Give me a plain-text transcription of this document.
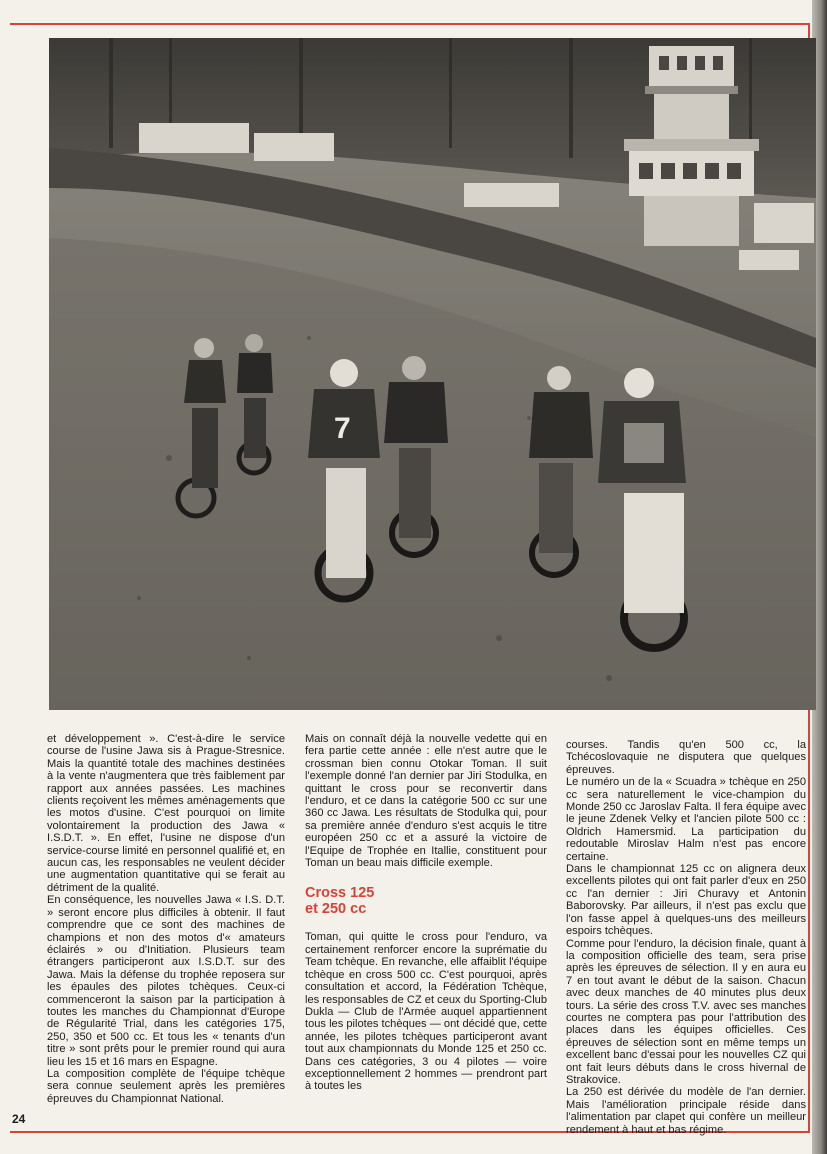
7

et développement ». C'est-à-dire le service course de l'usine Jawa sis à Prague-Stresnice. Mais la quantité totale des machines destinées à la vente n'augmentera que très faiblement par rapport aux années passées. Les machines clients reçoivent les mêmes aménagements que les motos d'usine. C'est pourquoi on limite volontairement la production des Jawa « I.S.D.T. ». En effet, l'usine ne dispose d'un service-course limité en personnel qualifié et, en aucun cas, les responsables ne veulent décider une augmentation quantitative qui se ferait au détriment de la qualité.

En conséquence, les nouvelles Jawa « I.S. D.T. » seront encore plus difficiles à obtenir. Il faut comprendre que ce sont des machines de champions et non des motos d'« amateurs éclairés » ou d'Initiation. Plusieurs team étrangers participeront aux I.S.D.T. sur des Jawa. Mais la défense du trophée reposera sur les épaules des pilotes tchèques. Ceux-ci commenceront la saison par la participation à toutes les manches du Championnat d'Europe de Régularité Trial, dans les catégories 175, 250, 350 et 500 cc. Et tous les « tenants d'un titre » sont prêts pour le premier round qui aura lieu les 15 et 16 mars en Espagne.

La composition complète de l'équipe tchèque sera connue seulement après les premières épreuves du Championnat National.

Mais on connaît déjà la nouvelle vedette qui en fera partie cette année : elle n'est autre que le crossman bien connu Otokar Toman. Il suit l'exemple donné l'an dernier par Jiri Stodulka, en quittant le cross pour se reconvertir dans l'enduro, et ce dans la catégorie 500 cc sur une 360 cc Jawa. Les résultats de Stodulka qui, pour sa première année d'enduro s'est acquis le titre européen 250 cc et a assuré la victoire de l'Equipe de Trophée en Itallie, constituent pour Toman un beau mais difficile exemple.

Cross 125
et 250 cc

Toman, qui quitte le cross pour l'enduro, va certainement renforcer encore la suprématie du Team tchèque. En revanche, elle affaiblit l'équipe tchèque en cross 500 cc. C'est pourquoi, après consultation et accord, la Fédération Tchèque, les responsables de CZ et ceux du Sporting-Club Dukla — Club de l'Armée auquel appartiennent tous les pilotes tchèques — ont décidé que, cette année, les pilotes tchèques participeront avant tout aux championnats du Monde 125 et 250 cc. Dans ces catégories, 3 ou 4 pilotes — voire exceptionnellement 2 hommes — prendront part à toutes les

courses. Tandis qu'en 500 cc, la Tchécoslovaquie ne disputera que quelques épreuves.

Le numéro un de la « Scuadra » tchèque en 250 cc sera naturellement le vice-champion du Monde 250 cc Jaroslav Falta. Il fera équipe avec le jeune Zdenek Velky et l'ancien pilote 500 cc : Oldrich Hamersmid. La participation du redoutable Miroslav Halm n'est pas encore certaine.

Dans le championnat 125 cc on alignera deux excellents pilotes qui ont fait parler d'eux en 250 cc l'an dernier : Jiri Churavy et Antonin Baborovsky. Par ailleurs, il n'est pas exclu que l'on fasse appel à quelques-uns des meilleurs espoirs tchèques.

Comme pour l'enduro, la décision finale, quant à la composition officielle des team, sera prise après les épreuves de sélection. Il y en aura eu 7 en tout avant le début de la saison. Chacun avec deux manches de 40 minutes plus deux tours. La série des cross T.V. avec ses manches courtes ne comptera pas pour l'attribution des places dans les équipes officielles. Ces épreuves de sélection sont en même temps un excellent banc d'essai pour les nouvelles CZ qui ont fait leurs débuts dans le cross hivernal de Strakovice.

La 250 est dérivée du modèle de l'an dernier. Mais l'amélioration principale réside dans l'alimentation par clapet qui confère un meilleur rendement à haut et bas régime.

24
